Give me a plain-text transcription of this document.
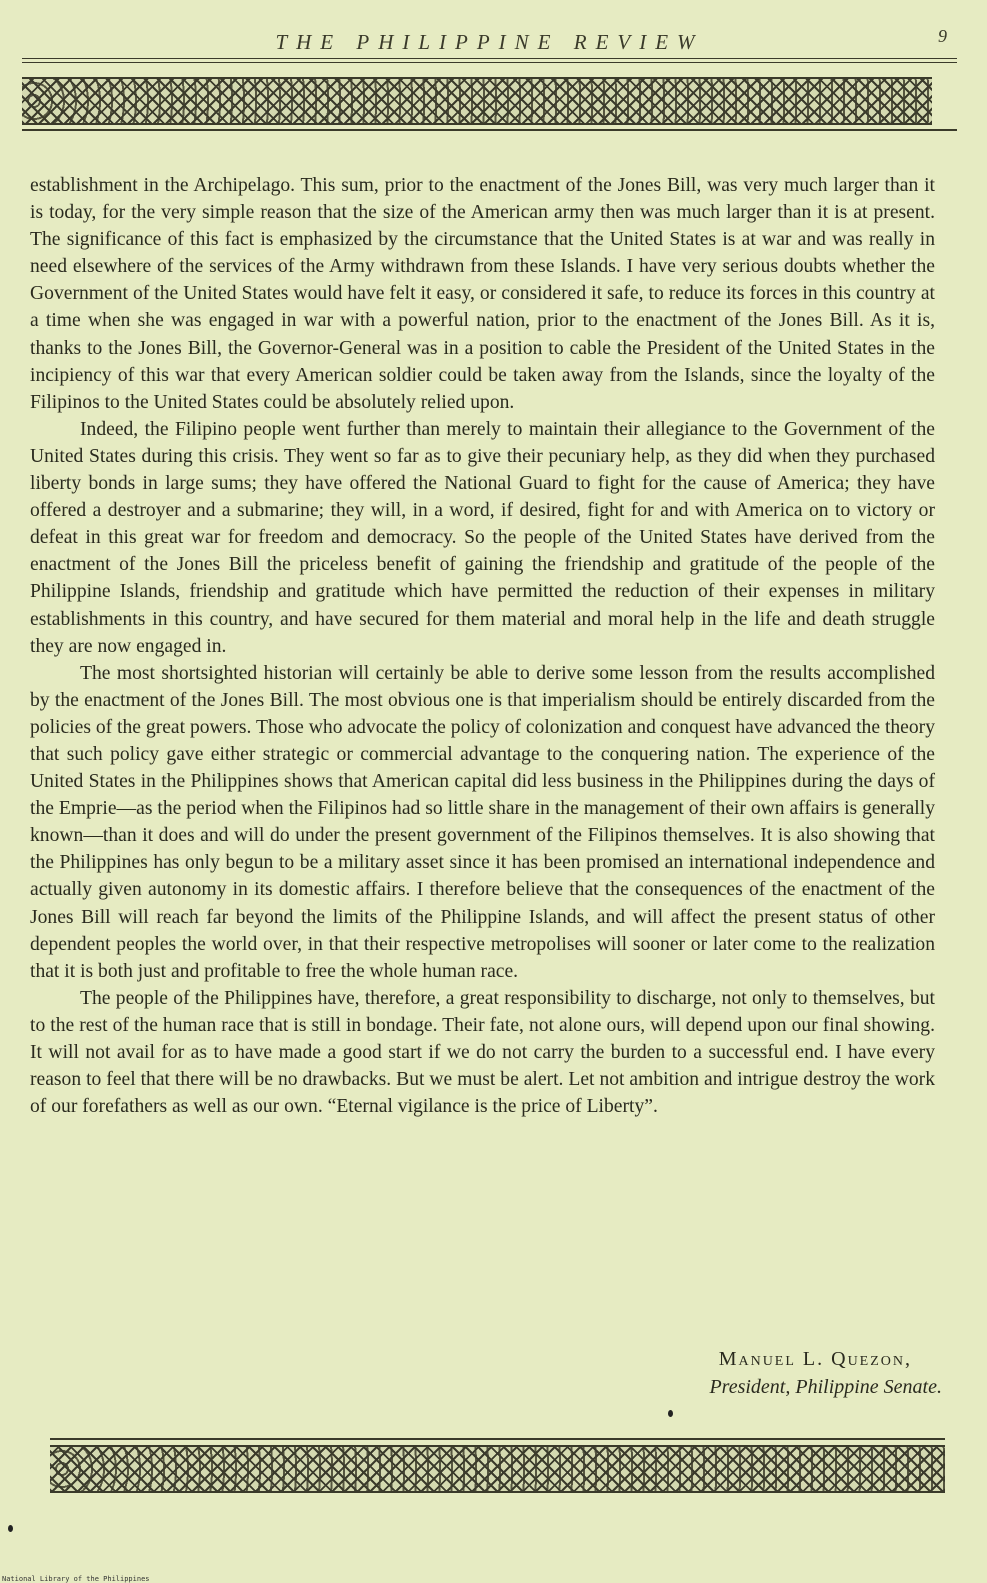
THE PHILIPPINE REVIEW	9

establishment in the Archipelago. This sum, prior to the enactment of the Jones Bill, was very much larger than it is today, for the very simple reason that the size of the American army then was much larger than it is at present. The significance of this fact is emphasized by the circumstance that the United States is at war and was really in need elsewhere of the services of the Army withdrawn from these Islands. I have very serious doubts whether the Government of the United States would have felt it easy, or considered it safe, to reduce its forces in this country at a time when she was engaged in war with a powerful nation, prior to the enactment of the Jones Bill. As it is, thanks to the Jones Bill, the Governor-General was in a position to cable the President of the United States in the incipiency of this war that every American soldier could be taken away from the Islands, since the loyalty of the Filipinos to the United States could be absolutely relied upon.

Indeed, the Filipino people went further than merely to maintain their allegiance to the Government of the United States during this crisis. They went so far as to give their pecuniary help, as they did when they purchased liberty bonds in large sums; they have offered the National Guard to fight for the cause of America; they have offered a destroyer and a submarine; they will, in a word, if desired, fight for and with America on to victory or defeat in this great war for freedom and democracy. So the people of the United States have derived from the enactment of the Jones Bill the priceless benefit of gaining the friendship and gratitude of the people of the Philippine Islands, friendship and gratitude which have permitted the reduction of their expenses in military establishments in this country, and have secured for them material and moral help in the life and death struggle they are now engaged in.

The most shortsighted historian will certainly be able to derive some lesson from the results accomplished by the enactment of the Jones Bill. The most obvious one is that imperialism should be entirely discarded from the policies of the great powers. Those who advocate the policy of colonization and conquest have advanced the theory that such policy gave either strategic or commercial advantage to the conquering nation. The experience of the United States in the Philippines shows that American capital did less business in the Philippines during the days of the Emprie—as the period when the Filipinos had so little share in the management of their own affairs is generally known—than it does and will do under the present government of the Filipinos themselves. It is also showing that the Philippines has only begun to be a military asset since it has been promised an international independence and actually given autonomy in its domestic affairs. I therefore believe that the consequences of the enactment of the Jones Bill will reach far beyond the limits of the Philippine Islands, and will affect the present status of other dependent peoples the world over, in that their respective metropolises will sooner or later come to the realization that it is both just and profitable to free the whole human race.

The people of the Philippines have, therefore, a great responsibility to discharge, not only to themselves, but to the rest of the human race that is still in bondage. Their fate, not alone ours, will depend upon our final showing. It will not avail for as to have made a good start if we do not carry the burden to a successful end. I have every reason to feel that there will be no drawbacks. But we must be alert. Let not ambition and intrigue destroy the work of our forefathers as well as our own. “Eternal vigilance is the price of Liberty”.

Manuel L. Quezon,
President, Philippine Senate.
National Library of the Philippines
